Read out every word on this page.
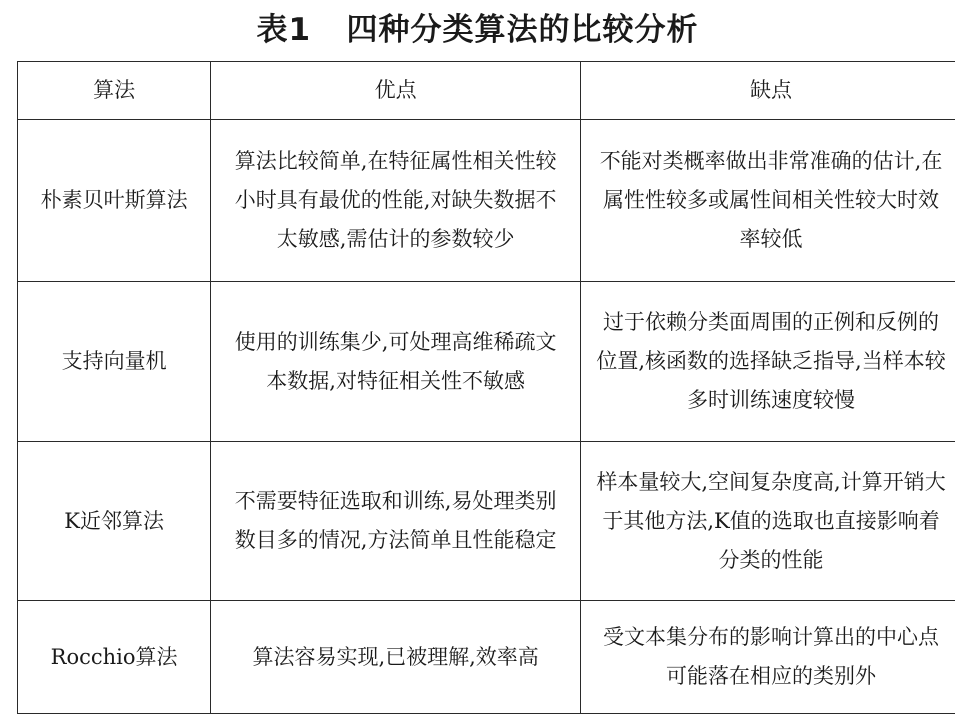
表1   四种分类算法的比较分析
算法	优点	缺点
朴素贝叶斯算法	算法比较简单,在特征属性相关性较小时具有最优的性能,对缺失数据不太敏感,需估计的参数较少	不能对类概率做出非常准确的估计,在属性性较多或属性间相关性较大时效率较低
支持向量机	使用的训练集少,可处理高维稀疏文本数据,对特征相关性不敏感	过于依赖分类面周围的正例和反例的位置,核函数的选择缺乏指导,当样本较多时训练速度较慢
K近邻算法	不需要特征选取和训练,易处理类别数目多的情况,方法简单且性能稳定	样本量较大,空间复杂度高,计算开销大于其他方法,K值的选取也直接影响着分类的性能
Rocchio算法	算法容易实现,已被理解,效率高	受文本集分布的影响计算出的中心点可能落在相应的类别外
